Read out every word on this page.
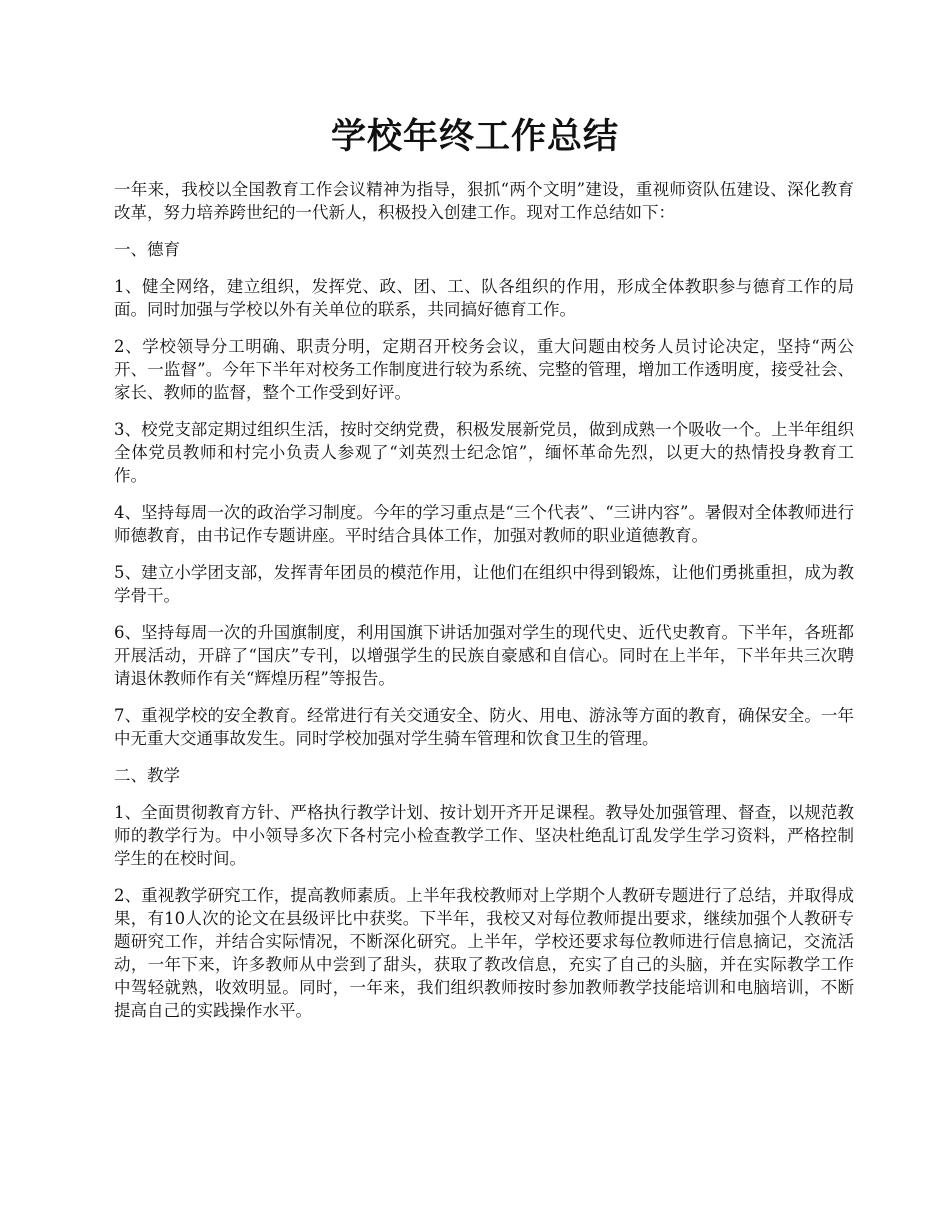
学校年终工作总结

一年来，我校以全国教育工作会议精神为指导，狠抓“两个文明”建设，重视师资队伍建设、深化教育改革，努力培养跨世纪的一代新人，积极投入创建工作。现对工作总结如下：

一、德育

1、健全网络，建立组织，发挥党、政、团、工、队各组织的作用，形成全体教职参与德育工作的局面。同时加强与学校以外有关单位的联系，共同搞好德育工作。

2、学校领导分工明确、职责分明，定期召开校务会议，重大问题由校务人员讨论决定，坚持“两公开、一监督”。今年下半年对校务工作制度进行较为系统、完整的管理，增加工作透明度，接受社会、家长、教师的监督，整个工作受到好评。

3、校党支部定期过组织生活，按时交纳党费，积极发展新党员，做到成熟一个吸收一个。上半年组织全体党员教师和村完小负责人参观了“刘英烈士纪念馆”，缅怀革命先烈，以更大的热情投身教育工作。

4、坚持每周一次的政治学习制度。今年的学习重点是“三个代表”、“三讲内容”。暑假对全体教师进行师德教育，由书记作专题讲座。平时结合具体工作，加强对教师的职业道德教育。

5、建立小学团支部，发挥青年团员的模范作用，让他们在组织中得到锻炼，让他们勇挑重担，成为教学骨干。

6、坚持每周一次的升国旗制度，利用国旗下讲话加强对学生的现代史、近代史教育。下半年，各班都开展活动，开辟了“国庆”专刊，以增强学生的民族自豪感和自信心。同时在上半年，下半年共三次聘请退休教师作有关“辉煌历程”等报告。

7、重视学校的安全教育。经常进行有关交通安全、防火、用电、游泳等方面的教育，确保安全。一年中无重大交通事故发生。同时学校加强对学生骑车管理和饮食卫生的管理。

二、教学

1、全面贯彻教育方针、严格执行教学计划、按计划开齐开足课程。教导处加强管理、督查，以规范教师的教学行为。中小领导多次下各村完小检查教学工作、坚决杜绝乱订乱发学生学习资料，严格控制学生的在校时间。

2、重视教学研究工作，提高教师素质。上半年我校教师对上学期个人教研专题进行了总结，并取得成果，有10人次的论文在县级评比中获奖。下半年，我校又对每位教师提出要求，继续加强个人教研专题研究工作，并结合实际情况，不断深化研究。上半年，学校还要求每位教师进行信息摘记，交流活动，一年下来，许多教师从中尝到了甜头，获取了教改信息，充实了自己的头脑，并在实际教学工作中驾轻就熟，收效明显。同时，一年来，我们组织教师按时参加教师教学技能培训和电脑培训，不断提高自己的实践操作水平。
